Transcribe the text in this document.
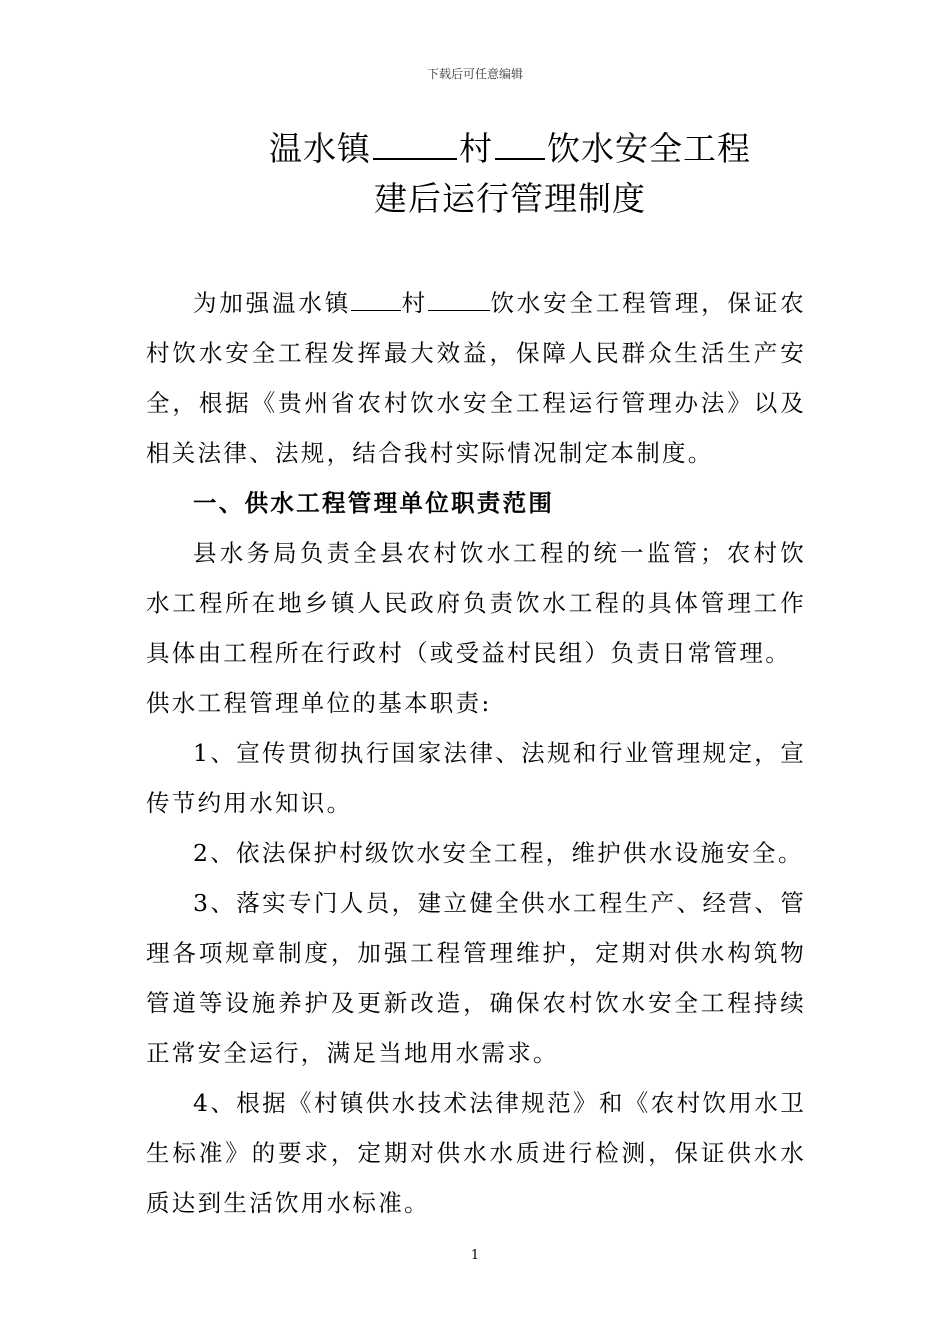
下载后可任意编辑
温水镇	村 饮水安全工程
建后运行管理制度

为加强温水镇 村	饮水安全工程管理，保证农村饮水安全工程发挥最大效益，保障人民群众生活生产安全，根据《贵州省农村饮水安全工程运行管理办法》以及相关法律、法规，结合我村实际情况制定本制度。

一、供水工程管理单位职责范围

县水务局负责全县农村饮水工程的统一监管；农村饮水工程所在地乡镇人民政府负责饮水工程的具体管理工作具体由工程所在行政村（或受益村民组）负责日常管理。

供水工程管理单位的基本职责:

1、宣传贯彻执行国家法律、法规和行业管理规定，宣传节约用水知识。

2、依法保护村级饮水安全工程，维护供水设施安全。

3、落实专门人员，建立健全供水工程生产、经营、管理各项规章制度，加强工程管理维护，定期对供水构筑物管道等设施养护及更新改造，确保农村饮水安全工程持续正常安全运行，满足当地用水需求。

4、根据《村镇供水技术法律规范》和《农村饮用水卫生标准》的要求，定期对供水水质进行检测，保证供水水质达到生活饮用水标准。

1
